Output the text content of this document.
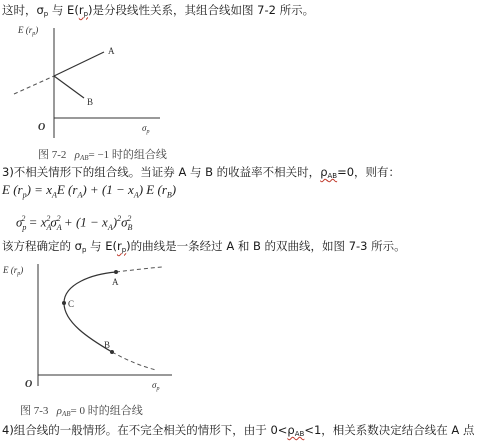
这时，$\sigma_p$ 与 $E(r_p)$是分段线性关系，其组合线如图 7-2 所示。
E $(r_p)$
A
B
O	$\sigma_p$
图 7-2 $\rho_{AB}= -1$ 时的组合线
3)不相关情形下的组合线。当证券 A 与 B 的收益率不相关时，$\rho_{AB}=0$，则有：
E $(r_p) = x_AE$ $(r_A) + (1 - x_A)$ E $(r_B)$
$\sigma_p^2 = x_A^2\sigma_A^2 + (1 - x_A)^2\sigma_B^2$
该方程确定的 $\sigma_p$ 与 $E(r_p)$的曲线是一条经过 A 和 B 的双曲线，如图 7-3 所示。
E $(r_p)$
A
C
B
O	$\sigma_p$
图 7-3 $\rho_{AB}= 0$ 时的组合线
4)组合线的一般情形。在不完全相关的情形下，由于 $0<\rho_{AB}<1$，相关系数决定结合线在 A 点
